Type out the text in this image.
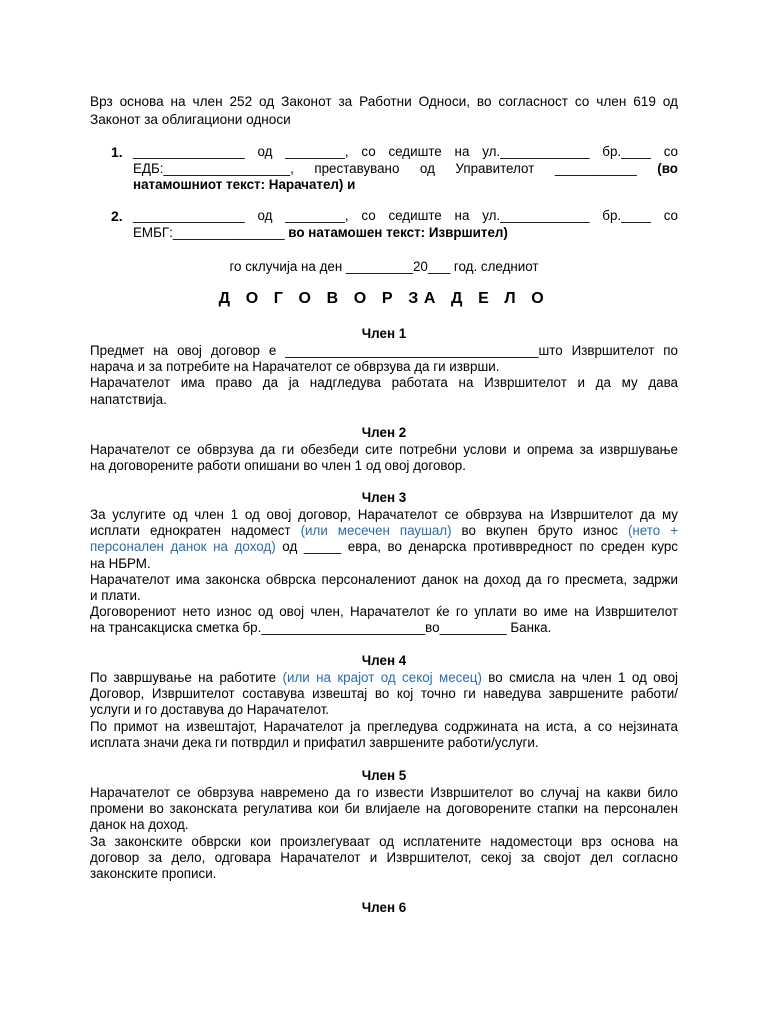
Врз основа на член 252 од Законот за Работни Односи, во согласност со член 619 од Законот за облигациони односи
1. _______________ од ________, со седиште на ул.____________ бр.____ со
ЕДБ:_________________, преставувано од Управителот ___________ (во
натамошниот текст: Нарачател) и
2. _______________ од ________, со седиште на ул.____________ бр.____ со
ЕМБГ:_______________ во натамошен текст: Извршител)
го склучија на ден _________20___ год. следниот
Д О Г О В О Р ЗА Д Е Л О
Член 1
Предмет на овој договор е __________________________________што Извршителот по
нарача и за потребите на Нарачателот се обврзува да ги изврши.
Нарачателот има право да ја надгледува работата на Извршителот и да му дава
напатствија.
Член 2
Нарачателот се обврзува да ги обезбеди сите потребни услови и опрема за извршување
на договорените работи опишани во член 1 од овој договор.
Член 3
За услугите од член 1 од овој договор, Нарачателот се обврзува на Извршителот да му
исплати еднократен надомест (или месечен паушал) во вкупен бруто износ (нето +
персонален данок на доход) од _____ евра, во денарска противвредност по среден курс
на НБРМ.
Нарачателот има законска обврска персоналениот данок на доход да го пресмета, задржи
и плати.
Договорениот нето износ од овој член, Нарачателот ќе го уплати во име на Извршителот
на трансакциска сметка бр.______________________во_________ Банка.
Член 4
По завршување на работите (или на крајот од секој месец) во смисла на член 1 од овој
Договор, Извршителот составува извештај во кој точно ги наведува завршените работи/
услуги и го доставува до Нарачателот.
По примот на извештајот, Нарачателот ја прегледува содржината на иста, а со нејзината
исплата значи дека ги потврдил и прифатил завршените работи/услуги.
Член 5
Нарачателот се обврзува навремено да го извести Извршителот во случај на какви било
промени во законската регулатива кои би влијаеле на договорените стапки на персонален
данок на доход.
За законските обврски кои произлегуваат од исплатените надоместоци врз основа на
договор за дело, одговара Нарачателот и Извршителот, секој за својот дел согласно
законските прописи.
Член 6
